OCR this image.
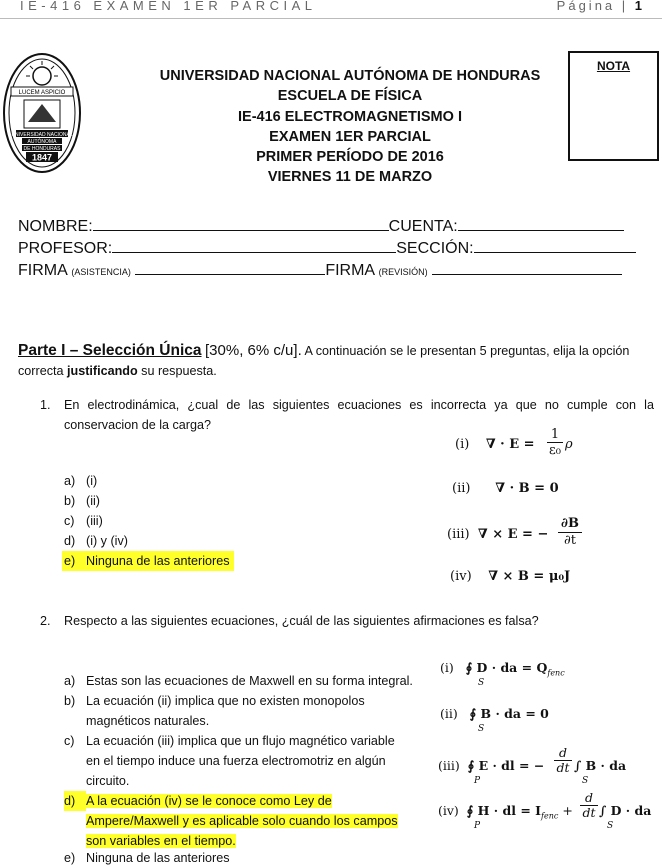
IE-416 EXAMEN 1ER PARCIAL	Página | 1
LUCEM ASPICIO
UNIVERSIDAD NACIONAL
AUTÓNOMA
DE HONDURAS
1847
UNIVERSIDAD NACIONAL AUTÓNOMA DE HONDURAS
ESCUELA DE FÍSICA
IE-416 ELECTROMAGNETISMO I
EXAMEN 1ER PARCIAL
PRIMER PERÍODO DE 2016
VIERNES 11 DE MARZO
NOTA
NOMBRE:	CUENTA:
PROFESOR:	SECCIÓN:
FIRMA (ASISTENCIA)	FIRMA (REVISIÓN)
Parte I – Selección Única [30%, 6% c/u]. A continuación se le presentan 5 preguntas, elija la opción correcta justificando su respuesta.
1. En electrodinámica, ¿cual de las siguientes ecuaciones es incorrecta ya que no cumple con la conservacion de la carga?
a) (i)
b) (ii)
c) (iii)
d) (i) y (iv)
e) Ninguna de las anteriores
(i) ∇ · $E = \frac{1}{\text{ε₀}}$ ρ
(ii) ∇ · B = 0
(iii) ∇ × E = − $\frac{\partial B}{\partial t}$
(iv) ∇ × B = μ₀J
2. Respecto a las siguientes ecuaciones, ¿cuál de las siguientes afirmaciones es falsa?
a) Estas son las ecuaciones de Maxwell en su forma integral.
b) La ecuación (ii) implica que no existen monopolos
magnéticos naturales.
c) La ecuación (iii) implica que un flujo magnético variable
en el tiempo induce una fuerza electromotriz en algún
circuito.
d) A la ecuación (iv) se le conoce como Ley de
Ampere/Maxwell y es aplicable solo cuando los campos
son variables en el tiempo.
e) Ninguna de las anteriores
(i) ∮ D · da = $Q_{fenc}$
S
(ii) ∮ B · da = 0
S
(iii) ∮ E · dl = −
P
$\frac{d}{dt}$ ∫ B · da
S
(iv) ∮ H · dl = $I_{fenc}$ +
P
$\frac{d}{dt}$ ∫ D · da
S
